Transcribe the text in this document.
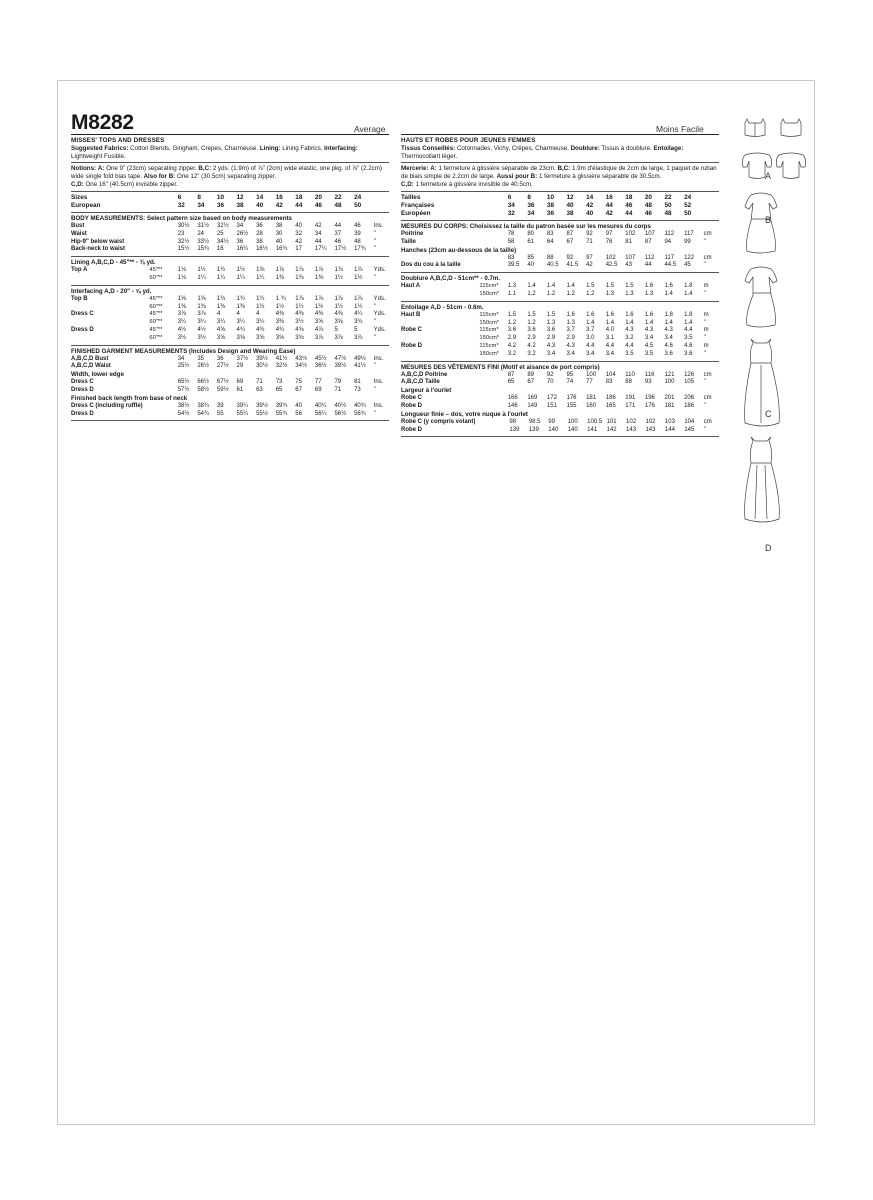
M8282	Average	Moins Facile
MISSES' TOPS AND DRESSES

Suggested Fabrics: Cotton Blends, Gingham, Crepes, Charmeuse. Lining: Lining Fabrics. Interfacing: Lightweight Fusible.

Notions: A: One 9" (23cm) separating zipper. B,C: 2 yds. (1.9m) of ⅞" (2cm) wide elastic, one pkg. of ⅞" (2.2cm) wide single fold bias tape. Also for B: One 12" (30.5cm) separating zipper.

C,D: One 16" (40.5cm) invisible zipper.

Sizes		6	8	10	12	14	16	18	20	22	24	
European		32	34	36	38	40	42	44	46	48	50	
BODY MEASUREMENTS: Select pattern size based on body measurements
Bust		30½	31½	32½	34	36	38	40	42	44	46	Ins.
Waist		23	24	25	26½	28	30	32	34	37	39	"
Hip-9" below waist		32½	33½	34½	36	38	40	42	44	46	48	"
Back-neck to waist		15½	15¾	16	16¼	16½	16¾	17	17¼	17½	17¾	"
Lining A,B,C,D - 45"** - ⅜ yd.
Top A	45"**	1⅛	1½	1½	1½	1⅝	1⅞	1⅞	1⅞	1⅞	1⅞	Yds.
	60"**	1⅛	1¼	1¼	1¼	1¼	1⅜	1⅜	1⅜	1½	1½	"
Interfacing A,D - 20" - ⅝ yd.
Top B	45"**	1⅝	1⅝	1¾	1¾	1¾	1 ¾	1⅞	1⅞	1⅞	1⅞	Yds.
	60"**	1⅜	1⅜	1⅜	1⅜	1½	1½	1½	1½	1½	1½	"
Dress C	45"**	3⅞	3⅞	4	4	4	4⅜	4⅜	4⅜	4⅜	4¼	Yds.
	60"**	3¼	3¼	3¼	3¼	3¼	3⅜	3½	3⅝	3⅝	3¾	"
Dress D	45"**	4½	4½	4⅝	4¾	4¾	4¾	4⅝	4⅞	5	5	Yds.
	60"**	3½	3½	3⅝	3⅝	3⅝	3⅝	3⅝	3⅞	3⅞	3⅞	"
FINISHED GARMENT MEASUREMENTS (Includes Design and Wearing Ease)
A,B,C,D Bust		34	35	36	37½	39½	41½	43½	45½	47½	49½	Ins.
A,B,C,D Waist		25½	26½	27½	29	30½	32½	34½	36½	39½	41½	"
Width, lower edge
Dress C		65½	66½	67½	69	71	73	75	77	79	81	Ins.
Dress D		57½	58½	59½	61	63	65	67	69	71	73	"
Finished back length from base of neck
Dress C (including ruffle)		38½	38¾	39	39¼	39½	39¾	40	40¼	40½	40¾	Ins.
Dress D		54½	54¾	55	55¼	55½	55¾	56	56¼	56½	56¾	"
HAUTS ET ROBES POUR JEUNES FEMMES

Tissus Conseillés: Cotonnades, Vichy, Crêpes, Charmeuse. Doublure: Tissus à doublure. Entoilage: Thermocollant léger.

Mercerie: A: 1 fermeture à glissière séparable de 23cm. B,C: 1.9m d'élastique de 2cm de large, 1 paquet de ruban de biais simple de 2.2cm de large. Aussi pour B: 1 fermeture à glissière séparable de 30.5cm.

C,D: 1 fermeture à glissière invisible de 40.5cm.

Tailles		6	8	10	12	14	16	18	20	22	24	
Françaises		34	36	38	40	42	44	46	48	50	52	
Européen		32	34	36	38	40	42	44	46	48	50	
MESURES DU CORPS: Choisissez la taille du patron basée sur les mesures du corps
Poitrine		78	80	83	87	92	97	102	107	112	117	cm
Taille		58	61	64	67	71	76	81	87	94	99	"
Hanches (23cm au-dessous de la taille)
		83	85	88	92	97	102	107	112	117	122	cm
Dos du cou à la taille		39.5	40	40.5	41.5	42	42.5	43	44	44.5	45	"
Doublure A,B,C,D - 51cm** - 0.7m.
Haut A	115cm*	1.3	1.4	1.4	1.4	1.5	1.5	1.5	1.6	1.6	1.8	m
	150cm*	1.1	1.2	1.2	1.2	1.2	1.3	1.3	1.3	1.4	1.4	"
Entoilage A,D - 51cm - 0.6m.
Haut B	115cm*	1.5	1.5	1.5	1.6	1.6	1.6	1.6	1.6	1.8	1.8	m
	150cm*	1.2	1.2	1.3	1.3	1.4	1.4	1.4	1.4	1.4	1.4	"
Robe C	115cm*	3.6	3.6	3.6	3.7	3.7	4.0	4.3	4.3	4.3	4.4	m
	150cm*	2.9	2.9	2.9	2.9	3.0	3.1	3.2	3.4	3.4	3.5	"
Robe D	115cm*	4.2	4.2	4.3	4.3	4.4	4.4	4.4	4.5	4.6	4.6	m
	150cm*	3.2	3.2	3.4	3.4	3.4	3.4	3.5	3.5	3.6	3.6	"
MESURES DES VÊTEMENTS FINI (Motif et aisance de port compris)
A,B,C,D Poitrine		87	89	92	95	100	104	110	116	121	126	cm
A,B,C,D Taille		65	67	70	74	77	83	88	93	100	105	"
Largeur à l'ourlet
Robe C		166	169	172	176	181	186	191	196	201	206	cm
Robe D		146	149	151	155	160	165	171	176	181	186	"
Longueur finie – dos, votre nuque à l'ourlet
Robe C (y compris volant)		98	98.5	99	100	100.5	101	102	102	103	104	cm
Robe D		139	139	140	140	141	142	143	143	144	145	"
A
B
C
D
